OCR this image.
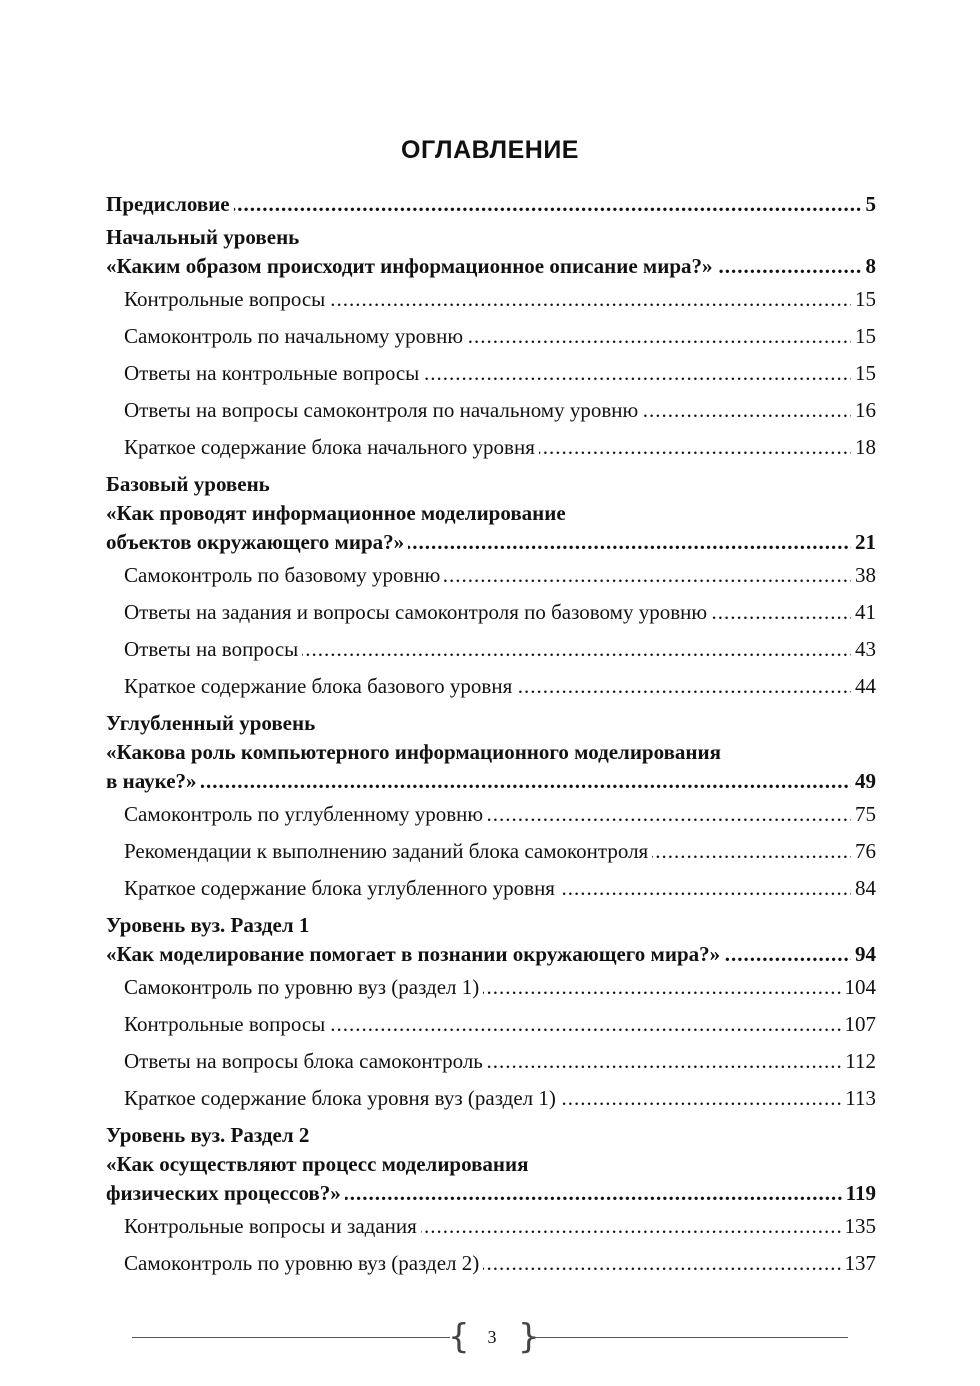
ОГЛАВЛЕНИЕ
.....
Предисловие	5
Начальный уровень
.....
«Каким образом происходит информационное описание мира?»	8
.....
Контрольные вопросы	15
.....
Самоконтроль по начальному уровню	15
.....
Ответы на контрольные вопросы	15
.....
Ответы на вопросы самоконтроля по начальному уровню	16
.....
Краткое содержание блока начального уровня	18
Базовый уровень
«Как проводят информационное моделирование
.....
объектов окружающего мира?»	21
.....
Самоконтроль по базовому уровню	38
.....
Ответы на задания и вопросы самоконтроля по базовому уровню	41
.....
Ответы на вопросы	43
.....
Краткое содержание блока базового уровня	44
Углубленный уровень
«Какова роль компьютерного информационного моделирования
.....
в науке?»	49
.....
Самоконтроль по углубленному уровню	75
.....
Рекомендации к выполнению заданий блока самоконтроля	76
.....
Краткое содержание блока углубленного уровня	84
Уровень вуз. Раздел 1
.....
«Как моделирование помогает в познании окружающего мира?»	94
.....
Самоконтроль по уровню вуз (раздел 1)	104
.....
Контрольные вопросы	107
.....
Ответы на вопросы блока самоконтроль	112
.....
Краткое содержание блока уровня вуз (раздел 1)	113
Уровень вуз. Раздел 2
«Как осуществляют процесс моделирования
.....
физических процессов?»	119
.....
Контрольные вопросы и задания	135
.....
Самоконтроль по уровню вуз (раздел 2)	137
{ 3 }
